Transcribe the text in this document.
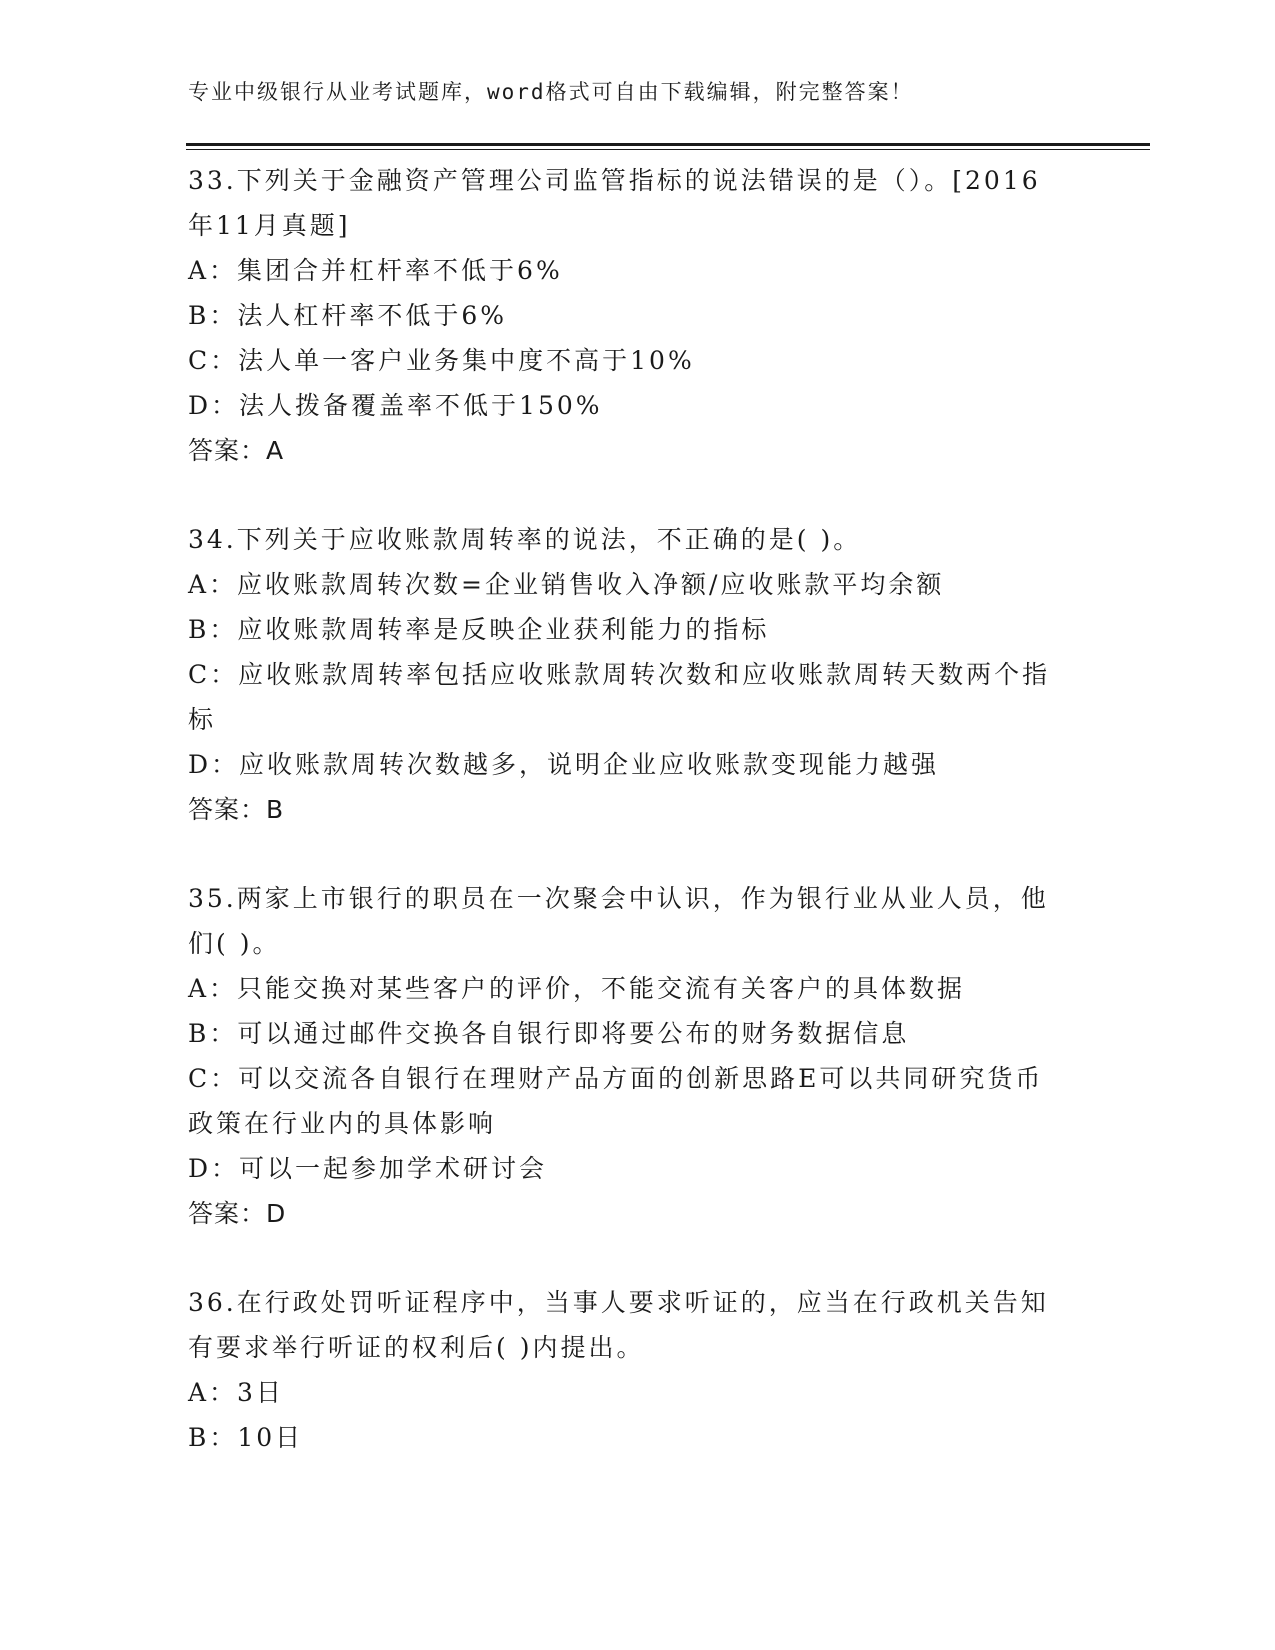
专业中级银行从业考试题库，word格式可自由下载编辑，附完整答案！
33.下列关于金融资产管理公司监管指标的说法错误的是（）。[2016
年11月真题]
A：集团合并杠杆率不低于6%
B：法人杠杆率不低于6%
C：法人单一客户业务集中度不高于10%
D：法人拨备覆盖率不低于150%
答案：A
34.下列关于应收账款周转率的说法，不正确的是( )。
A：应收账款周转次数=企业销售收入净额/应收账款平均余额
B：应收账款周转率是反映企业获利能力的指标
C：应收账款周转率包括应收账款周转次数和应收账款周转天数两个指
标
D：应收账款周转次数越多，说明企业应收账款变现能力越强
答案：B
35.两家上市银行的职员在一次聚会中认识，作为银行业从业人员，他
们( )。
A：只能交换对某些客户的评价，不能交流有关客户的具体数据
B：可以通过邮件交换各自银行即将要公布的财务数据信息
C：可以交流各自银行在理财产品方面的创新思路E可以共同研究货币
政策在行业内的具体影响
D：可以一起参加学术研讨会
答案：D
36.在行政处罚听证程序中，当事人要求听证的，应当在行政机关告知
有要求举行听证的权利后( )内提出。
A：3日
B：10日
